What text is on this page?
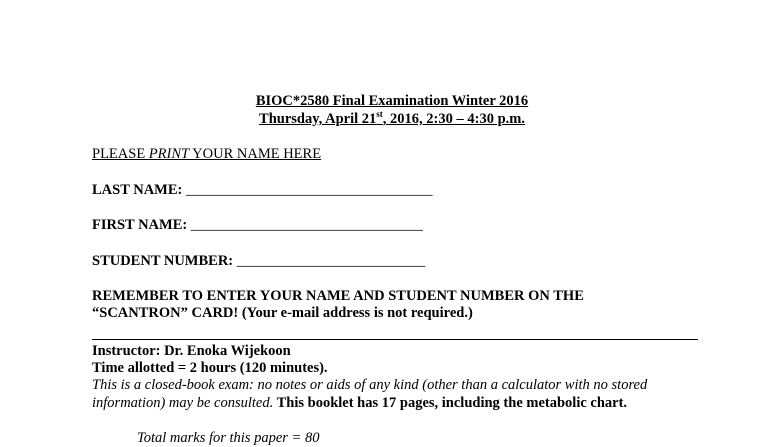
BIOC*2580 Final Examination Winter 2016
Thursday, April 21st, 2016, 2:30 – 4:30 p.m.
PLEASE PRINT YOUR NAME HERE
LAST NAME: __________________________________
FIRST NAME: ________________________________
STUDENT NUMBER: __________________________
REMEMBER TO ENTER YOUR NAME AND STUDENT NUMBER ON THE
“SCANTRON” CARD! (Your e-mail address is not required.)
Instructor: Dr. Enoka Wijekoon
Time allotted = 2 hours (120 minutes).
This is a closed-book exam: no notes or aids of any kind (other than a calculator with no stored
information) may be consulted. This booklet has 17 pages, including the metabolic chart.
Total marks for this paper = 80
